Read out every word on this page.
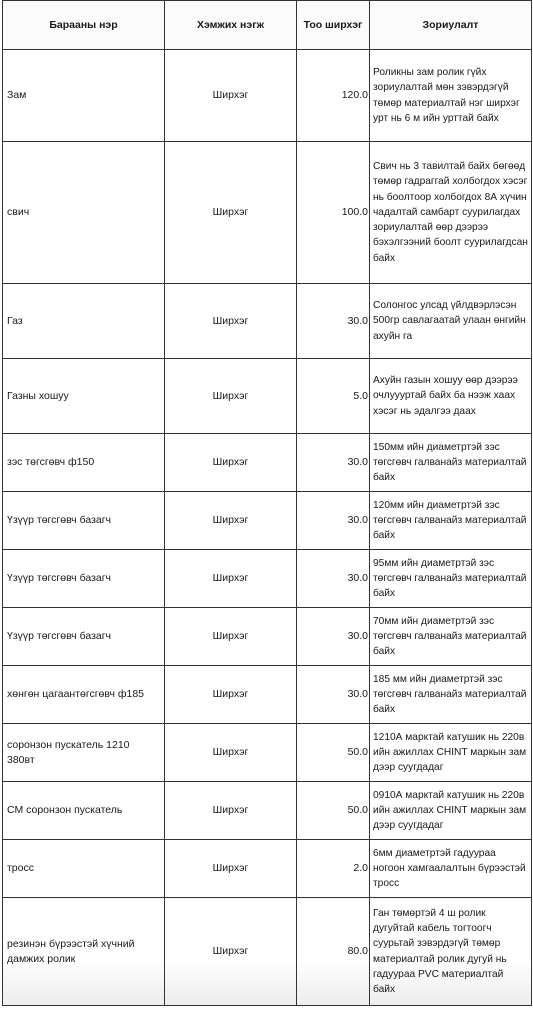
Барааны нэр	Хэмжих нэгж	Тоо ширхэг	Зориулалт
Зам	Ширхэг	120.0	Роликны зам ролик гүйх зориулалтай мөн зэвэрдэгүй төмөр материалтай нэг ширхэг урт нь 6 м ийн урттай байх
свич	Ширхэг	100.0	Свич нь 3 тавилтай байх бөгөөд төмөр гадраггай холбогдох хэсэг нь боолтоор холбогдох 8А хүчин чадалтай самбарт суурилагдах зориулалтай өөр дээрээ бэхэлгээний боолт суурилагдсан байх
Газ	Ширхэг	30.0	Солонгос улсад үйлдвэрлэсэн 500гр савлагаатай улаан өнгийн ахуйн га
Газны хошуу	Ширхэг	5.0	Ахуйн газын хошуу өөр дээрээ очлуууртай байх ба нээж хаах хэсэг нь эдалгээ даах
зэс төгсгөвч ф150	Ширхэг	30.0	150мм ийн диаметртэй зэс төгсгөвч галванайз материалтай байх
Үзүүр төгсгөвч базагч	Ширхэг	30.0	120мм ийн диаметртэй зэс төгсгөвч галванайз материалтай байх
Үзүүр төгсгөвч базагч	Ширхэг	30.0	95мм ийн диаметртэй зэс төгсгөвч галванайз материалтай байх
Үзүүр төгсгөвч базагч	Ширхэг	30.0	70мм ийн диаметртэй зэс төгсгөвч галванайз материалтай байх
хөнгөн цагаантөгсгөвч ф185	Ширхэг	30.0	185 мм ийн диаметртэй зэс төгсгөвч галванайз материалтай байх
соронзон пускатель 1210 380вт	Ширхэг	50.0	1210А марктай катушик нь 220в ийн ажиллах CHINT маркын зам дээр суугдадаг
СМ соронзон пускатель	Ширхэг	50.0	0910А марктай катушик нь 220в ийн ажиллах CHINT маркын зам дээр суугдадаг
тросс	Ширхэг	2.0	6мм диаметртэй гадуураа ногоон хамгаалалтын бүрээстэй тросс
резинэн бүрээстэй хүчний дамжих ролик	Ширхэг	80.0	Ган төмөртэй 4 ш ролик дугуйтай кабель тогтоогч суурьтай зэвэрдэгүй төмөр материалтай ролик дугуй нь гадуураа PVC материалтай байх
